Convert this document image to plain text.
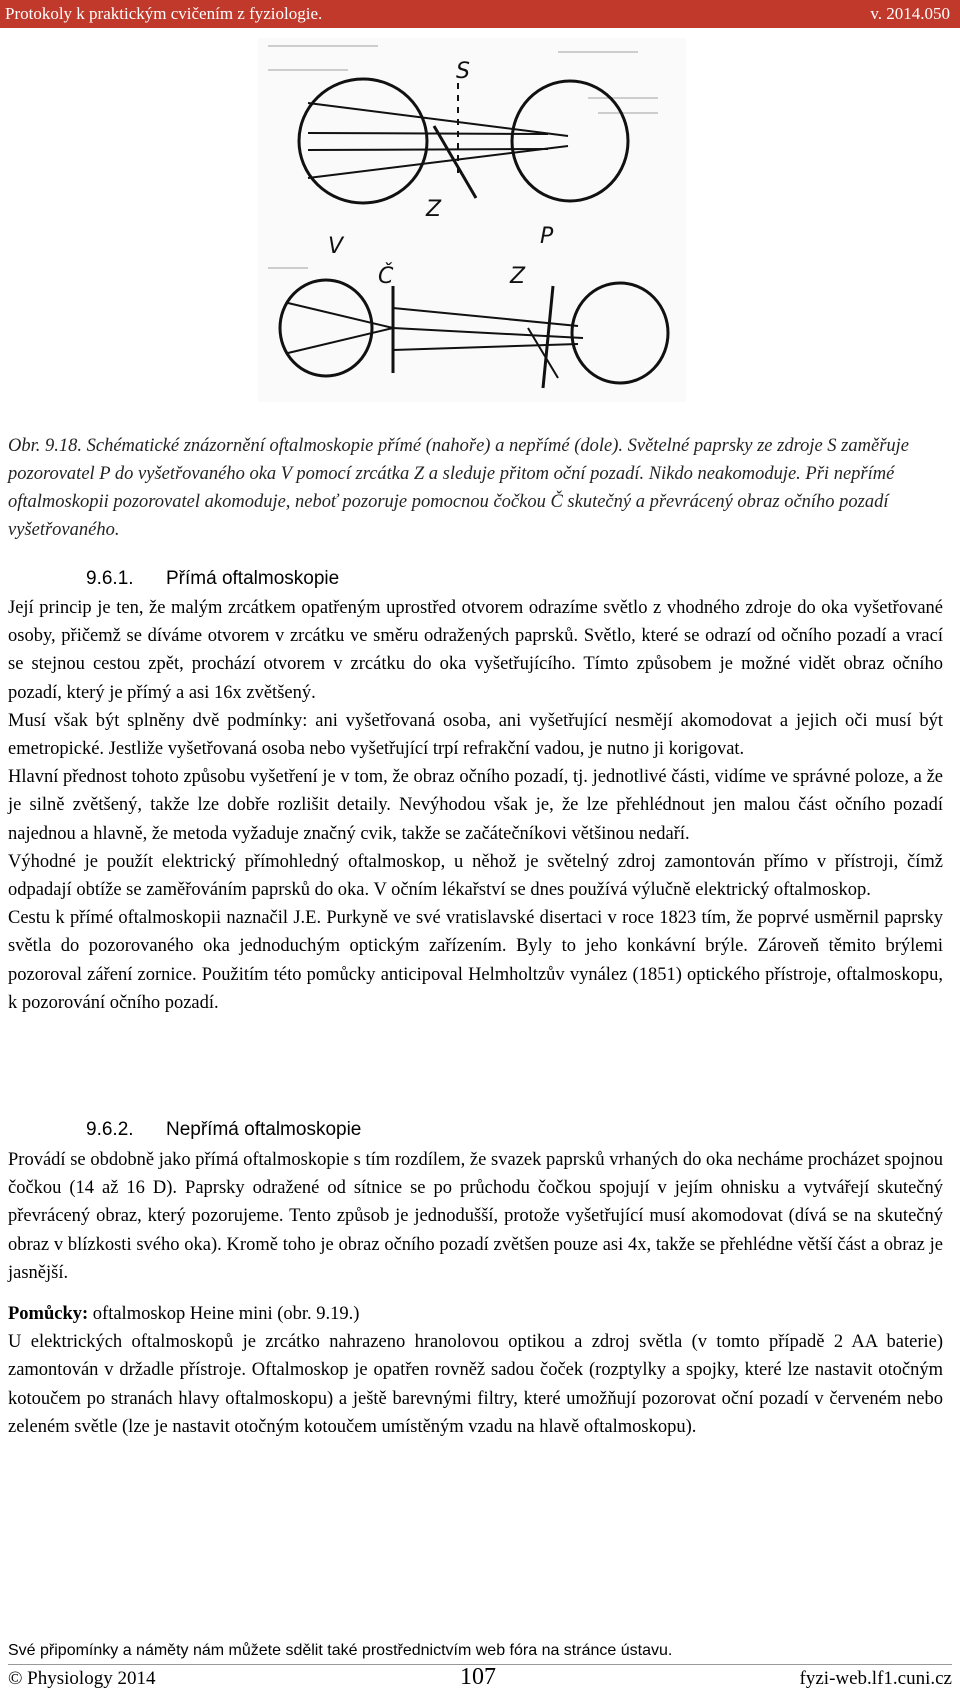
Protokoly k praktickým cvičením z fyziologie.	v. 2014.050
S
Z
V	P
Č	Z
Obr. 9.18. Schématické znázornění oftalmoskopie přímé (nahoře) a nepřímé (dole). Světelné paprsky ze zdroje S zaměřuje pozorovatel P do vyšetřovaného oka V pomocí zrcátka Z a sleduje přitom oční pozadí. Nikdo neakomoduje. Při nepřímé oftalmoskopii pozorovatel akomoduje, neboť pozoruje pomocnou čočkou Č skutečný a převrácený obraz očního pozadí vyšetřovaného.
9.6.1. Přímá oftalmoskopie

Její princip je ten, že malým zrcátkem opatřeným uprostřed otvorem odrazíme světlo z vhodného zdroje do oka vyšetřované osoby, přičemž se díváme otvorem v zrcátku ve směru odražených paprsků. Světlo, které se odrazí od očního pozadí a vrací se stejnou cestou zpět, prochází otvorem v zrcátku do oka vyšetřujícího. Tímto způsobem je možné vidět obraz očního pozadí, který je přímý a asi 16x zvětšený.

Musí však být splněny dvě podmínky: ani vyšetřovaná osoba, ani vyšetřující nesmějí akomodovat a jejich oči musí být emetropické. Jestliže vyšetřovaná osoba nebo vyšetřující trpí refrakční vadou, je nutno ji korigovat.

Hlavní přednost tohoto způsobu vyšetření je v tom, že obraz očního pozadí, tj. jednotlivé části, vidíme ve správné poloze, a že je silně zvětšený, takže lze dobře rozlišit detaily. Nevýhodou však je, že lze přehlédnout jen malou část očního pozadí najednou a hlavně, že metoda vyžaduje značný cvik, takže se začátečníkovi většinou nedaří.

Výhodné je použít elektrický přímohledný oftalmoskop, u něhož je světelný zdroj zamontován přímo v přístroji, čímž odpadají obtíže se zaměřováním paprsků do oka. V očním lékařství se dnes používá výlučně elektrický oftalmoskop.

Cestu k přímé oftalmoskopii naznačil J.E. Purkyně ve své vratislavské disertaci v roce 1823 tím, že poprvé usměrnil paprsky světla do pozorovaného oka jednoduchým optickým zařízením. Byly to jeho konkávní brýle. Zároveň těmito brýlemi pozoroval záření zornice. Použitím této pomůcky anticipoval Helmholtzův vynález (1851) optického přístroje, oftalmoskopu, k pozorování očního pozadí.

9.6.2. Nepřímá oftalmoskopie

Provádí se obdobně jako přímá oftalmoskopie s tím rozdílem, že svazek paprsků vrhaných do oka necháme procházet spojnou čočkou (14 až 16 D). Paprsky odražené od sítnice se po průchodu čočkou spojují v jejím ohnisku a vytvářejí skutečný převrácený obraz, který pozorujeme. Tento způsob je jednodušší, protože vyšetřující musí akomodovat (dívá se na skutečný obraz v blízkosti svého oka). Kromě toho je obraz očního pozadí zvětšen pouze asi 4x, takže se přehlédne větší část a obraz je jasnější.

Pomůcky: oftalmoskop Heine mini (obr. 9.19.)

U elektrických oftalmoskopů je zrcátko nahrazeno hranolovou optikou a zdroj světla (v tomto případě 2 AA baterie) zamontován v držadle přístroje. Oftalmoskop je opatřen rovněž sadou čoček (rozptylky a spojky, které lze nastavit otočným kotoučem po stranách hlavy oftalmoskopu) a ještě barevnými filtry, které umožňují pozorovat oční pozadí v červeném nebo zeleném světle (lze je nastavit otočným kotoučem umístěným vzadu na hlavě oftalmoskopu).

Své připomínky a náměty nám můžete sdělit také prostřednictvím web fóra na stránce ústavu.
© Physiology 2014	107	fyzi-web.lf1.cuni.cz
